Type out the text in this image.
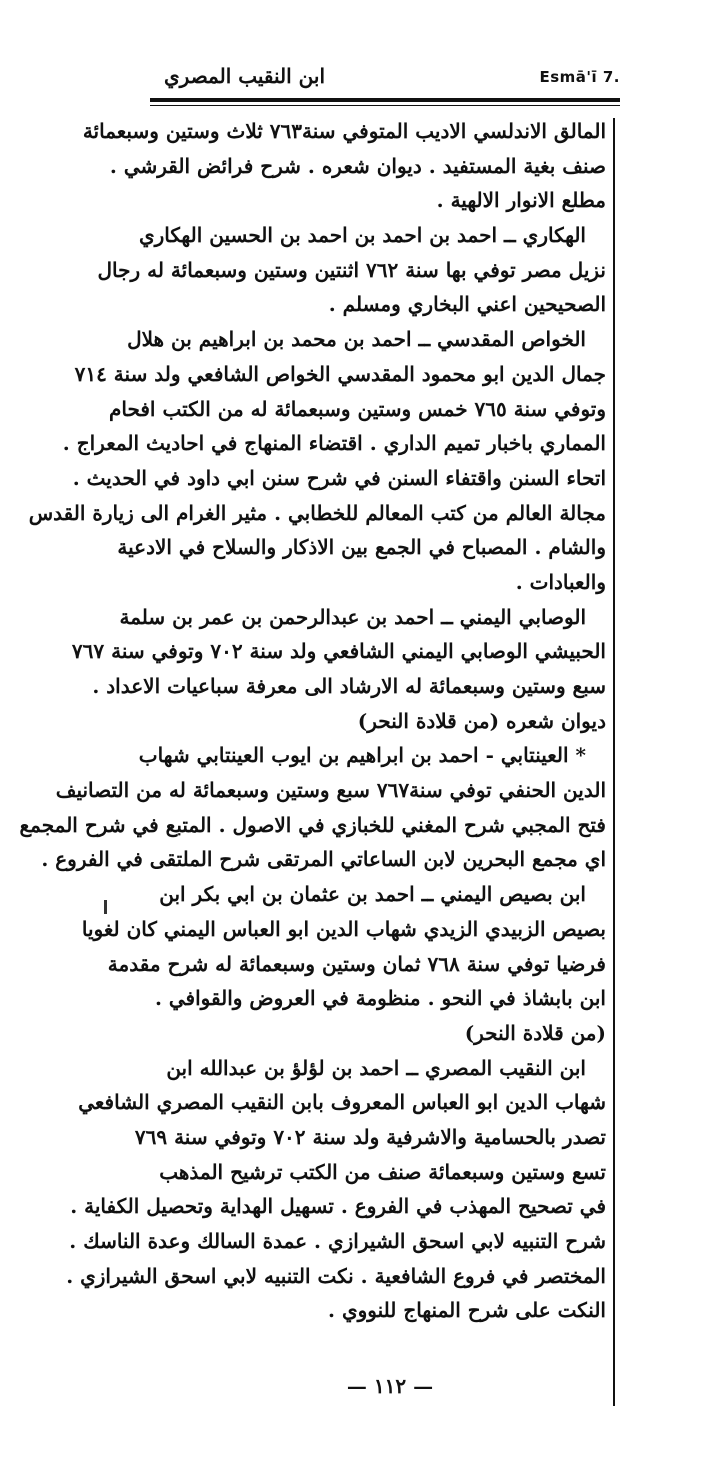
ابن النقيب المصري	Esmā'ī 7.
المالق الاندلسي الاديب المتوفي سنة٧٦٣ ثلاث وستين وسبعمائة
صنف بغية المستفيد . ديوان شعره . شرح فرائض القرشي .
مطلع الانوار الالهية .
الهكاري ــ احمد بن احمد بن احمد بن الحسين الهكاري
نزيل مصر توفي بها سنة ٧٦٢ اثنتين وستين وسبعمائة له رجال
الصحيحين اعني البخاري ومسلم .
الخواص المقدسي ــ احمد بن محمد بن ابراهيم بن هلال
جمال الدين ابو محمود المقدسي الخواص الشافعي ولد سنة ٧١٤
وتوفي سنة ٧٦٥ خمس وستين وسبعمائة له من الكتب افحام
المماري باخبار تميم الداري . اقتضاء المنهاج في احاديث المعراج .
اتحاء السنن واقتفاء السنن في شرح سنن ابي داود في الحديث .
مجالة العالم من كتب المعالم للخطابي . مثير الغرام الى زيارة القدس
والشام . المصباح في الجمع بين الاذكار والسلاح في الادعية
والعبادات .
الوصابي اليمني ــ احمد بن عبدالرحمن بن عمر بن سلمة
الحبيشي الوصابي اليمني الشافعي ولد سنة ٧٠٢ وتوفي سنة ٧٦٧
سبع وستين وسبعمائة له الارشاد الى معرفة سباعيات الاعداد .
ديوان شعره (من قلادة النحر)
* العينتابي - احمد بن ابراهيم بن ايوب العينتابي شهاب
الدين الحنفي توفي سنة٧٦٧ سبع وستين وسبعمائة له من التصانيف
فتح المجبي شرح المغني للخبازي في الاصول . المتبع في شرح المجمع
اي مجمع البحرين لابن الساعاتي المرتقى شرح الملتقى في الفروع .
ابن بصيص اليمني ــ احمد بن عثمان بن ابي بكر ابن
بصيص الزبيدي الزيدي شهاب الدين ابو العباس اليمني كان لغويا
فرضيا توفي سنة ٧٦٨ ثمان وستين وسبعمائة له شرح مقدمة
ابن بابشاذ في النحو . منظومة في العروض والقوافي .
(من قلادة النحر)
ابن النقيب المصري ــ احمد بن لؤلؤ بن عبدالله ابن
شهاب الدين ابو العباس المعروف بابن النقيب المصري الشافعي
تصدر بالحسامية والاشرفية ولد سنة ٧٠٢ وتوفي سنة ٧٦٩
تسع وستين وسبعمائة صنف من الكتب ترشيح المذهب
في تصحيح المهذب في الفروع . تسهيل الهداية وتحصيل الكفاية .
شرح التنبيه لابي اسحق الشيرازي . عمدة السالك وعدة الناسك .
المختصر في فروع الشافعية . نكت التنبيه لابي اسحق الشيرازي .
النكت على شرح المنهاج للنووي .
— ١١٢ —
